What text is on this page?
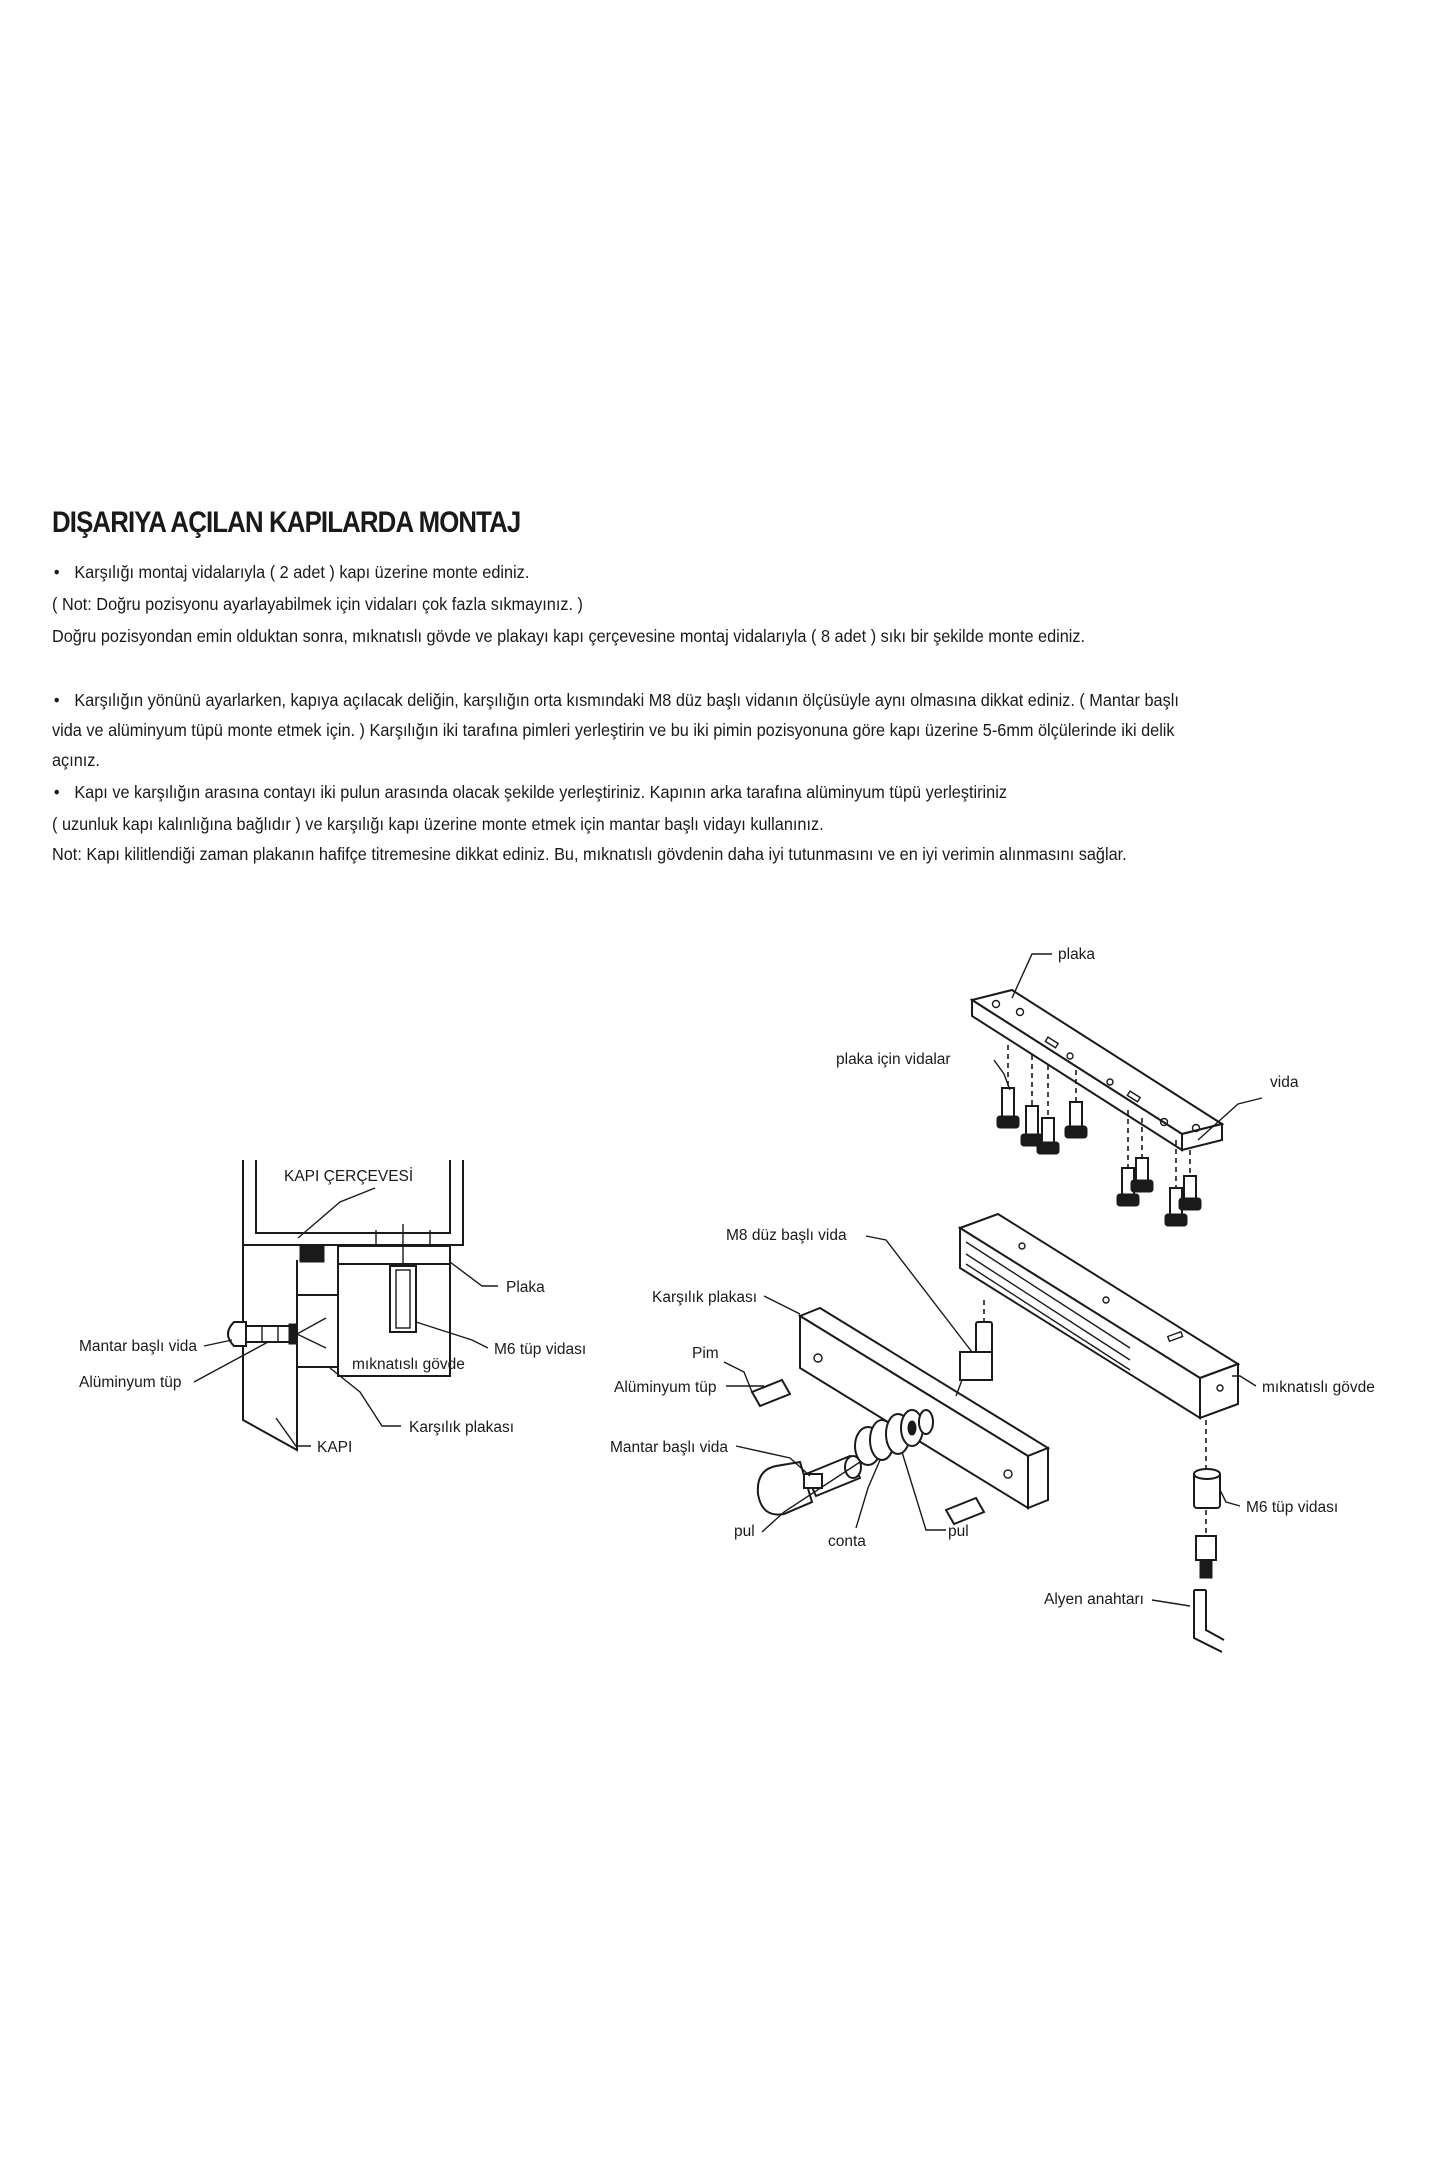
DIŞARIYA AÇILAN KAPILARDA MONTAJ

• Karşılığı montaj vidalarıyla ( 2 adet ) kapı üzerine monte ediniz.

( Not: Doğru pozisyonu ayarlayabilmek için vidaları çok fazla sıkmayınız. )

Doğru pozisyondan emin olduktan sonra, mıknatıslı gövde ve plakayı kapı çerçevesine montaj vidalarıyla ( 8 adet ) sıkı bir şekilde monte ediniz.

• Karşılığın yönünü ayarlarken, kapıya açılacak deliğin, karşılığın orta kısmındaki M8 düz başlı vidanın ölçüsüyle aynı olmasına dikkat ediniz. ( Mantar başlı

vida ve alüminyum tüpü monte etmek için. ) Karşılığın iki tarafına pimleri yerleştirin ve bu iki pimin pozisyonuna göre kapı üzerine 5-6mm ölçülerinde iki delik

açınız.

• Kapı ve karşılığın arasına contayı iki pulun arasında olacak şekilde yerleştiriniz. Kapının arka tarafına alüminyum tüpü yerleştiriniz

( uzunluk kapı kalınlığına bağlıdır ) ve karşılığı kapı üzerine monte etmek için mantar başlı vidayı kullanınız.

Not: Kapı kilitlendiği zaman plakanın hafifçe titremesine dikkat ediniz. Bu, mıknatıslı gövdenin daha iyi tutunmasını ve en iyi verimin alınmasını sağlar.

KAPI ÇERÇEVESİ
Plaka
M6 tüp vidası
mıknatıslı gövde
Mantar başlı vida
Alüminyum tüp
Karşılık plakası
KAPI
plaka
plaka için vidalar
vida
M8 düz başlı vida
Karşılık plakası
Pim
Alüminyum tüp
Mantar başlı vida
pul
conta
pul
mıknatıslı gövde
M6 tüp vidası
Alyen anahtarı
